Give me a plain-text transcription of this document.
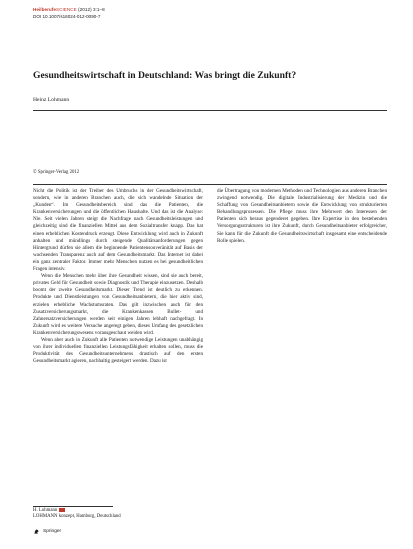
HeilberufeSCIENCE (2012) 3:1–8
DOI 10.1007/s16024-012-0090-7
Gesundheitswirtschaft in Deutschland: Was bringt die Zukunft?
Heinz Lohmann
© Springer-Verlag 2012

Nicht die Politik ist der Treiber des Umbruchs in der Gesundheitswirtschaft, sondern, wie in anderen Branchen auch, die sich wandelnde Situation der „Kunden“. Im Gesundheitsbereich sind das die Patienten, die Krankenversicherungen und die öffentlichen Haushalte. Und das ist die Analyse: Nie. Seit vielen Jahren steigt die Nachfrage nach Gesundheitsleistungen und gleichzeitig sind die finanziellen Mittel aus dem Sozialtransfer knapp. Das hat einen erheblichen Kostendruck erzeugt. Diese Entwicklung wird auch in Zukunft anhalten und mündlings durch steigende Qualitätsanforderungen gegen Hintergrund dürfen sie allem die beginnende Patientensouveränität auf Basis der wachsenden Transparenz auch auf dem Gesundheitsmarkt. Das Internet ist dabei ein ganz zentraler Faktor. Immer mehr Menschen nutzen es bei gesundheitlichen Fragen intensiv.

Wenn die Menschen mehr über ihre Gesundheit wissen, sind sie auch bereit, privates Geld für Gesundheit sowie Diagnostik und Therapie einzusetzen. Deshalb boomt der zweite Gesundheitsmarkt. Dieser Trend ist deutlich zu erkennen. Produkte und Dienstleistungen von Gesundheitsanbietern, die hier aktiv sind, erzielen erhebliche Wachstumsraten. Das gilt inzwischen auch für den Zusatzversicherungsmarkt, die Krankenkassen Bullet- und Zahnersatzversicherungen werden seit einigen Jahren lebhaft nachgefragt. In Zukunft wird es weitere Versuche angeregt geben, dieses Umfang des gesetzlichen Krankenversicherungswesens vorausgeschaut weiden wird.

Wenn aber auch in Zukunft alle Patienten notwendige Leistungen unabhängig von ihrer individuellen finanziellen Leistungsfähigkeit erhalten sollen, muss die Produktivität des Gesundheitsunternehmens drastisch auf den ersten Gesundheitsmarkt agieren, nachhaltig gesteigert werden. Dazu ist

die Übertragung von modernen Methoden und Technologien aus anderen Branchen zwingend notwendig. Die digitale Industrialisierung der Medizin und die Schaffung von Gesundheitsanbietern sowie die Entwicklung von strukturierten Behandlungsprozessen. Die Pflege muss ihre Mehrwert den Interessen der Patienten sich heraus gegenderet gegeben. Ihre Expertise in den bestehenden Versorgungsstrukturen ist ihre Zukunft, durch Gesundheitsanbieter erfolgreicher, Sie kann für die Zukunft die Gesundheitswirtschaft insgesamt eine entscheidende Rolle spielen.

H. Lohmann
LOHMANN konzept, Hamburg, Deutschland
Springer
